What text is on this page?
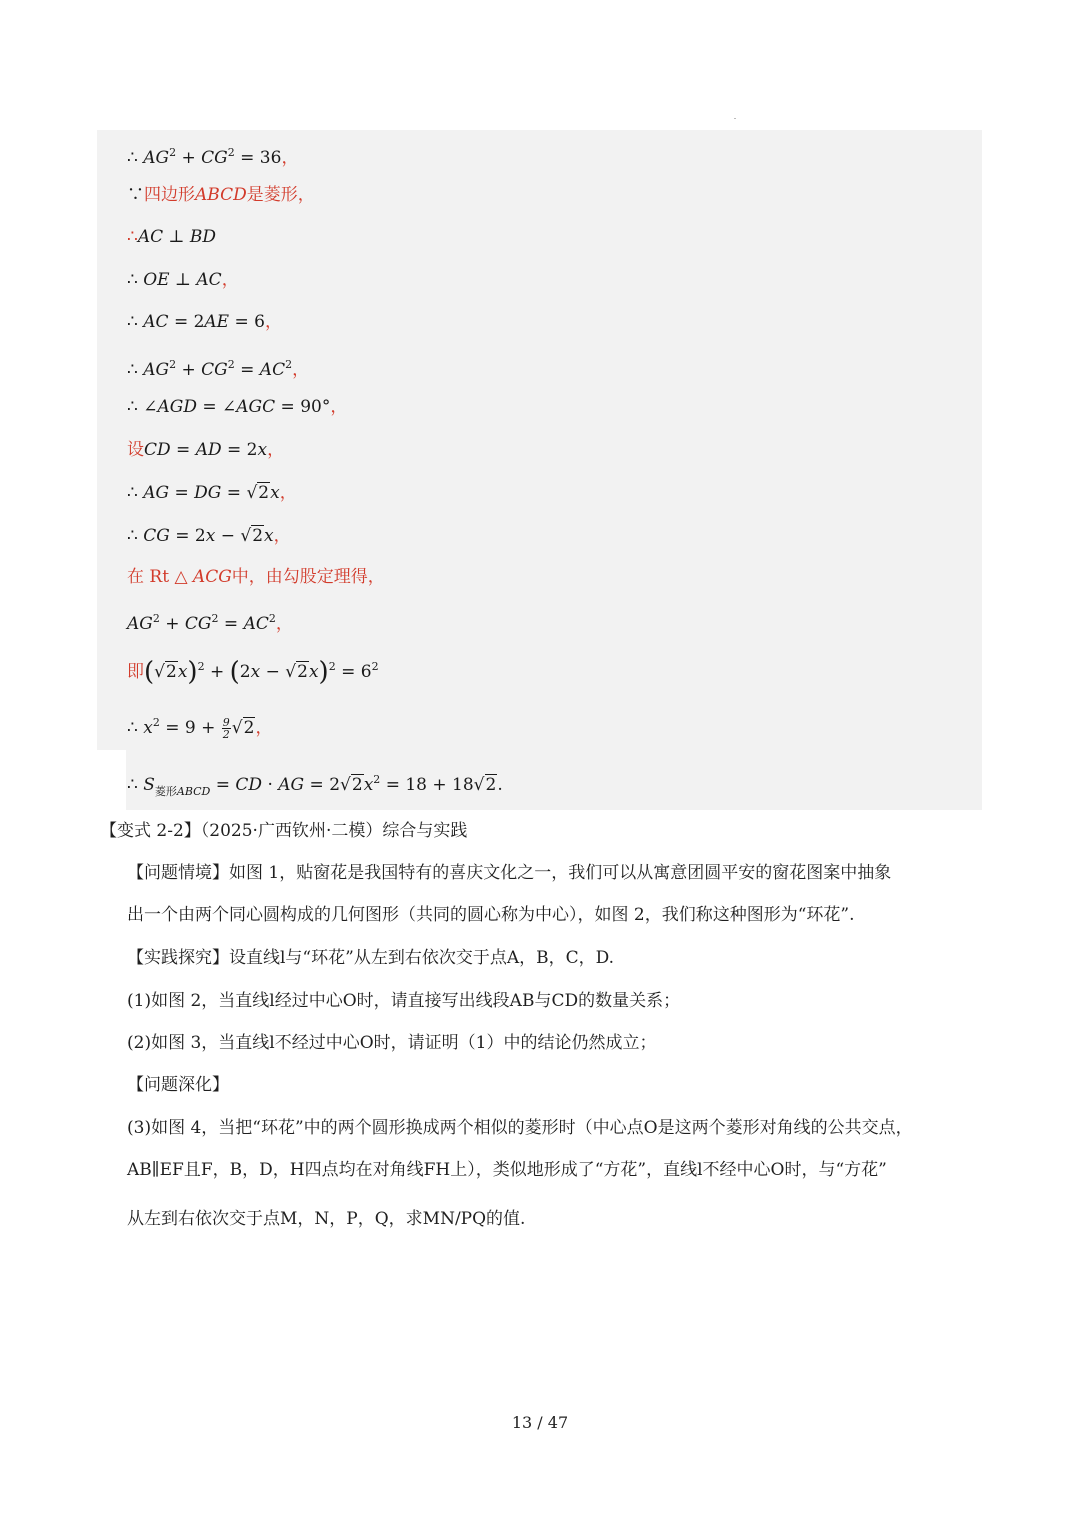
∴ $AG^2 + CG^2 = 36$，
∵四边形ABCD是菱形，
∴AC ⊥ BD
∴ OE ⊥ AC，
∴ AC = 2AE = 6，
∴ $AG^2 + CG^2 = AC^2$，
∴ ∠AGD = ∠AGC = 90°，
设CD = AD = 2x，
∴ AG = DG = √2x，
∴ CG = 2x − √2x，
在 Rt △ ACG中，由勾股定理得，
$AG^2 + CG^2 = AC^2$，
即$(√2x)^2 + (2x - √2x)^2 = 6^2$
∴ $x^2 = 9 + \frac{9}{2} √2$，
∴ $S_{菱形ABCD}$ = CD · AG = $2√2x^2 = 18 + 18√2$.
【变式 2-2】（2025·广西钦州·二模）综合与实践
【问题情境】如图 1，贴窗花是我国特有的喜庆文化之一，我们可以从寓意团圆平安的窗花图案中抽象
出一个由两个同心圆构成的几何图形（共同的圆心称为中心），如图 2，我们称这种图形为“环花”.
【实践探究】设直线l与“环花”从左到右依次交于点A，B，C，D.
(1)如图 2，当直线l经过中心O时，请直接写出线段AB与CD的数量关系；
(2)如图 3，当直线l不经过中心O时，请证明（1）中的结论仍然成立；
【问题深化】
(3)如图 4，当把“环花”中的两个圆形换成两个相似的菱形时（中心点O是这两个菱形对角线的公共交点，
AB∥EF且F，B，D，H四点均在对角线FH上），类似地形成了“方花”，直线l不经中心O时，与“方花”
从左到右依次交于点M，N，P，Q，求MN/PQ的值.
13 / 47
